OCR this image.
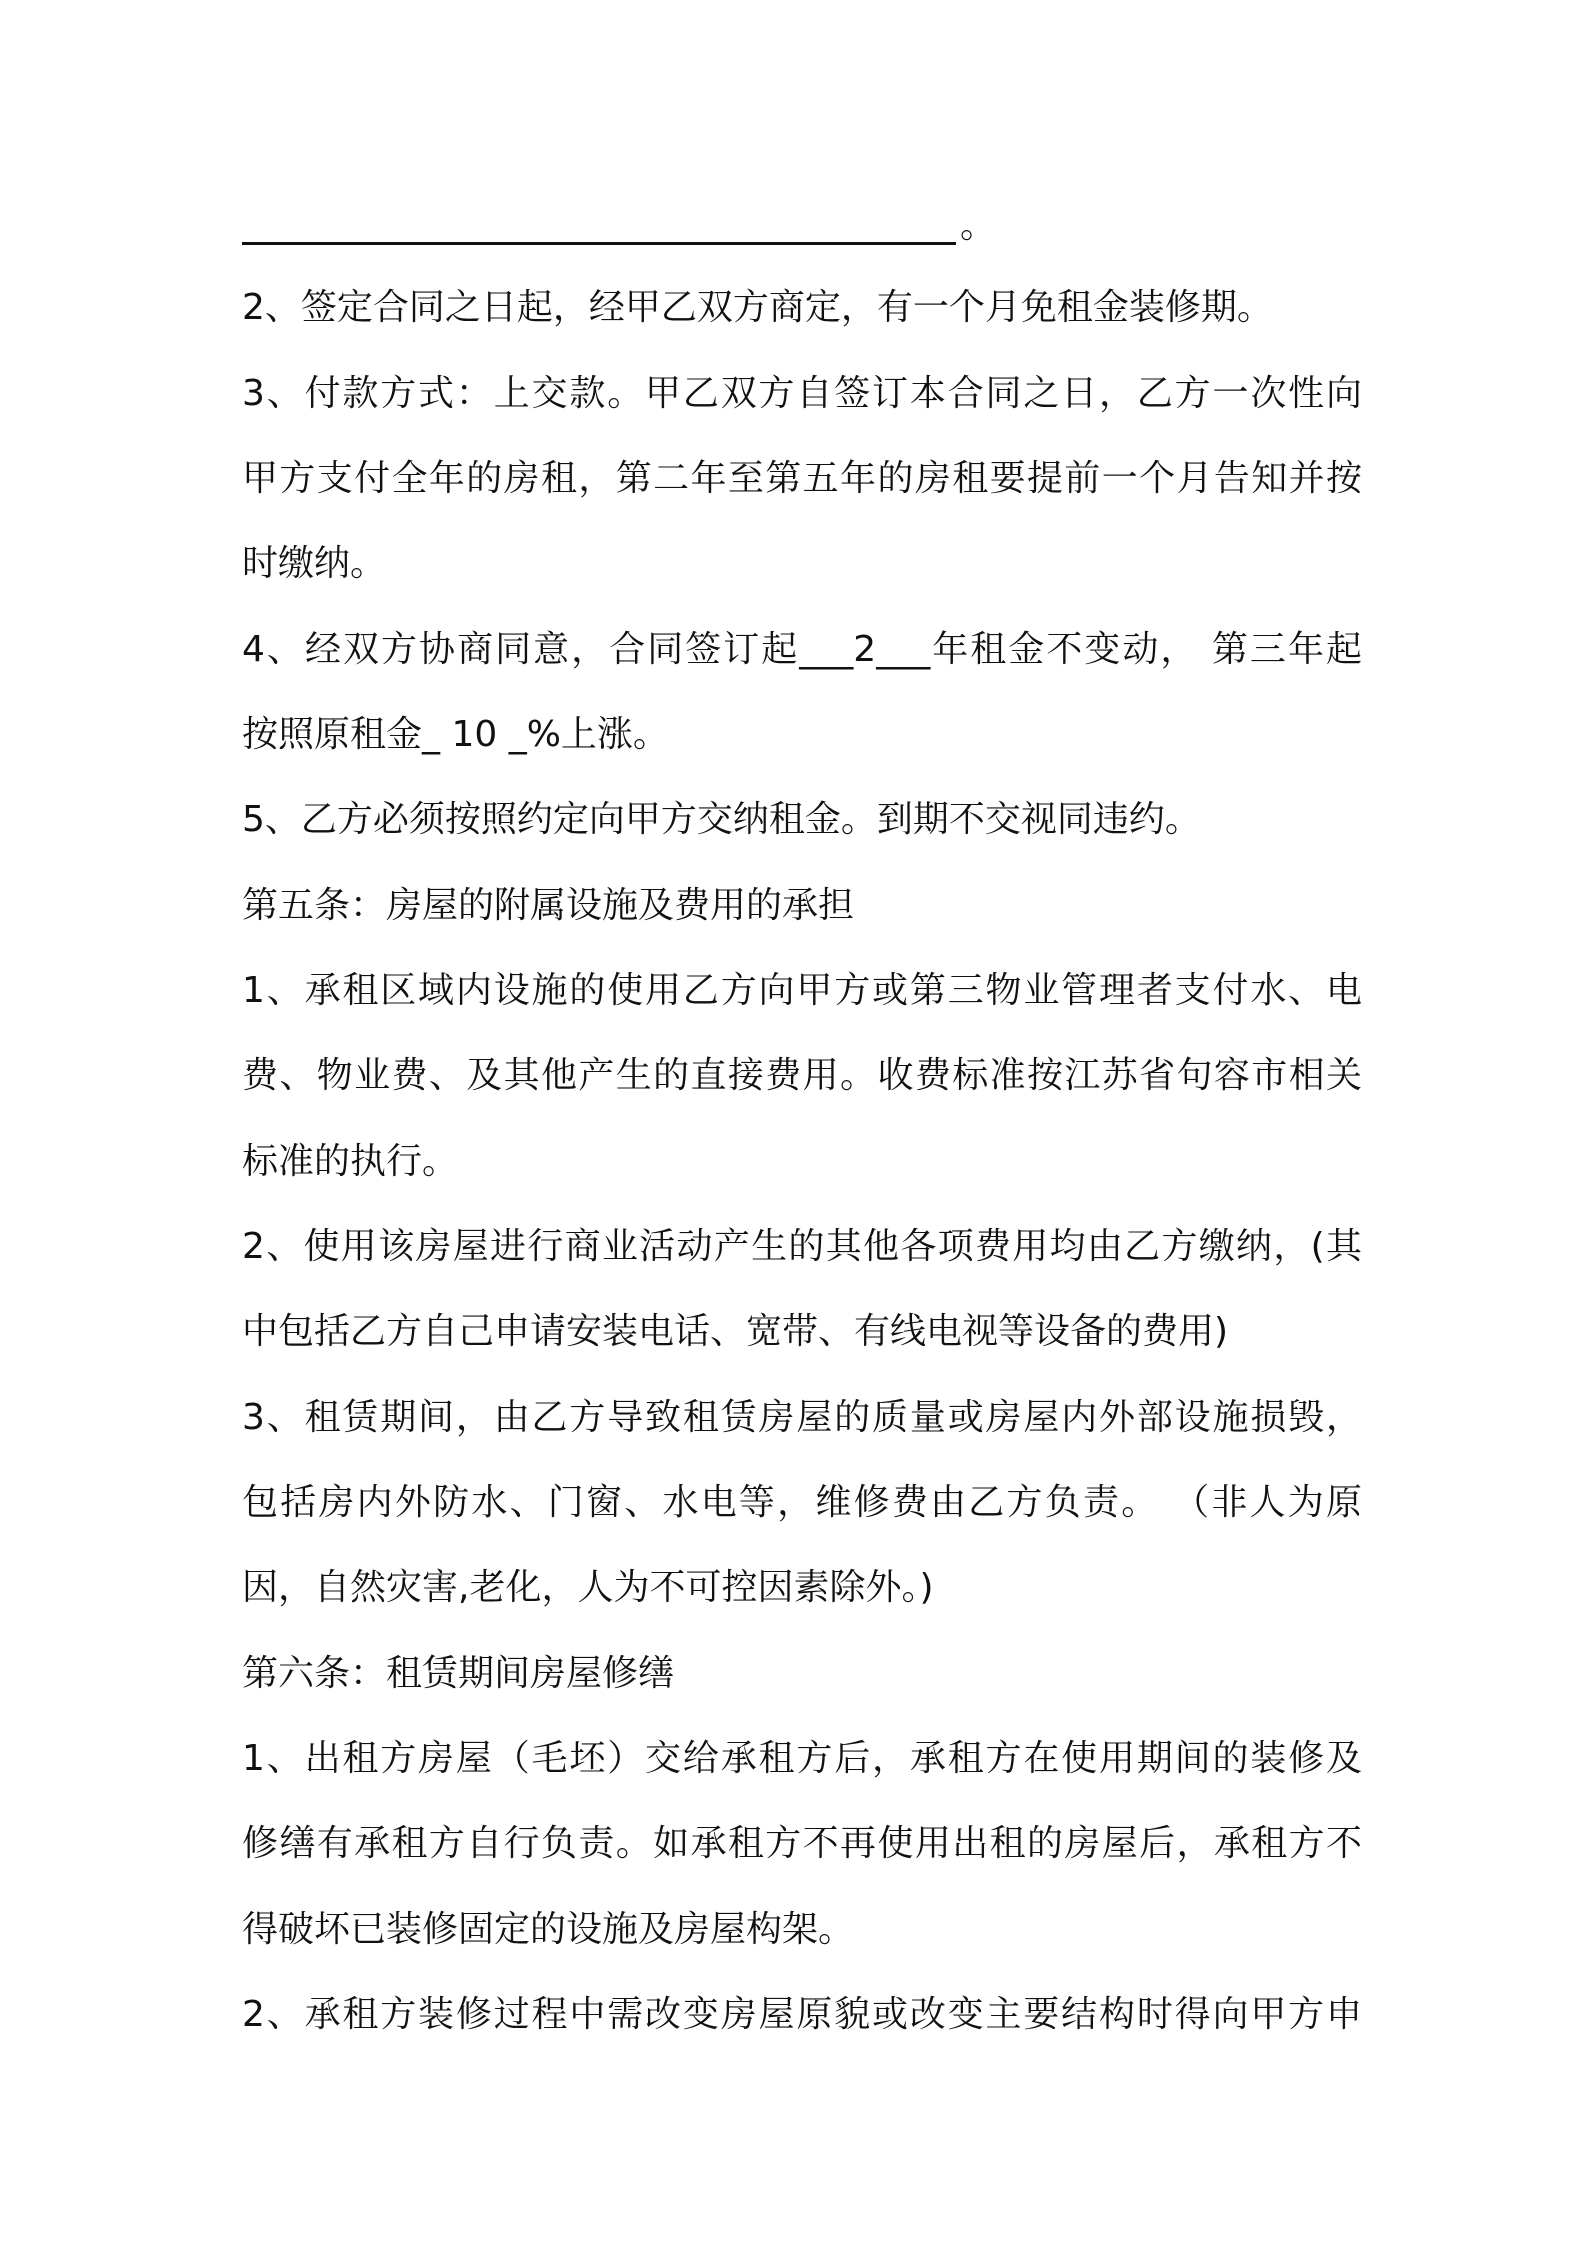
。
2、签定合同之日起，经甲乙双方商定，有一个月免租金装修期。
3、付款方式：上交款。甲乙双方自签订本合同之日，乙方一次性向
甲方支付全年的房租，第二年至第五年的房租要提前一个月告知并按
时缴纳。
4、经双方协商同意，合同签订起___2___年租金不变动， 第三年起
按照原租金_ 10 _%上涨。
5、乙方必须按照约定向甲方交纳租金。到期不交视同违约。
第五条：房屋的附属设施及费用的承担
1、承租区域内设施的使用乙方向甲方或第三物业管理者支付水、电
费、物业费、及其他产生的直接费用。收费标准按江苏省句容市相关
标准的执行。
2、使用该房屋进行商业活动产生的其他各项费用均由乙方缴纳，(其
中包括乙方自己申请安装电话、宽带、有线电视等设备的费用)
3、租赁期间，由乙方导致租赁房屋的质量或房屋内外部设施损毁，
包括房内外防水、门窗、水电等，维修费由乙方负责。 （非人为原
因，自然灾害,老化，人为不可控因素除外。)
第六条：租赁期间房屋修缮
1、出租方房屋（毛坯）交给承租方后，承租方在使用期间的装修及
修缮有承租方自行负责。如承租方不再使用出租的房屋后，承租方不
得破坏已装修固定的设施及房屋构架。
2、承租方装修过程中需改变房屋原貌或改变主要结构时得向甲方申
